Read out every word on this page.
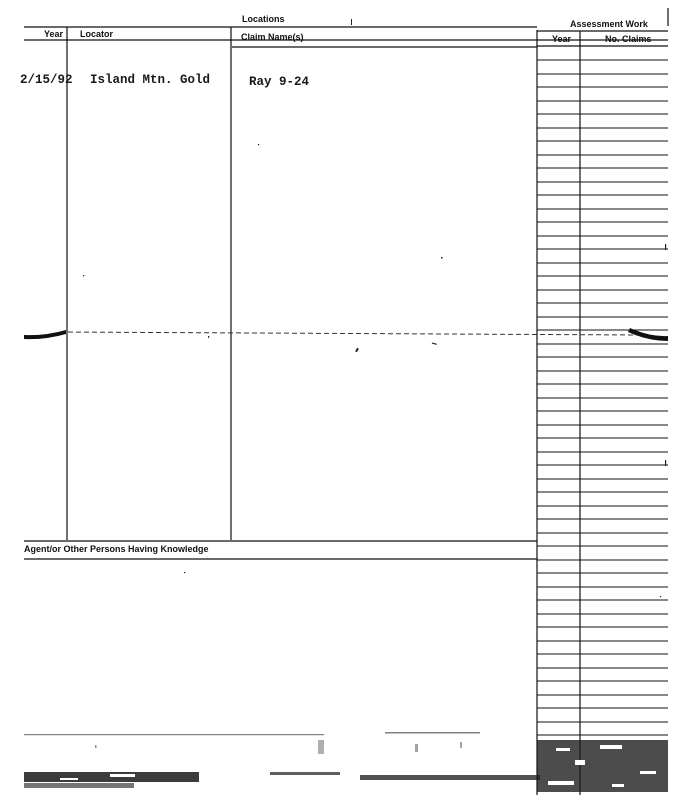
Locations	Assessment Work
Year Locator	Claim Name(s)	Year	No. Claims
Agent/or Other Persons Having Knowledge
2/15/92 Island Mtn. Gold	Ray 9-24
